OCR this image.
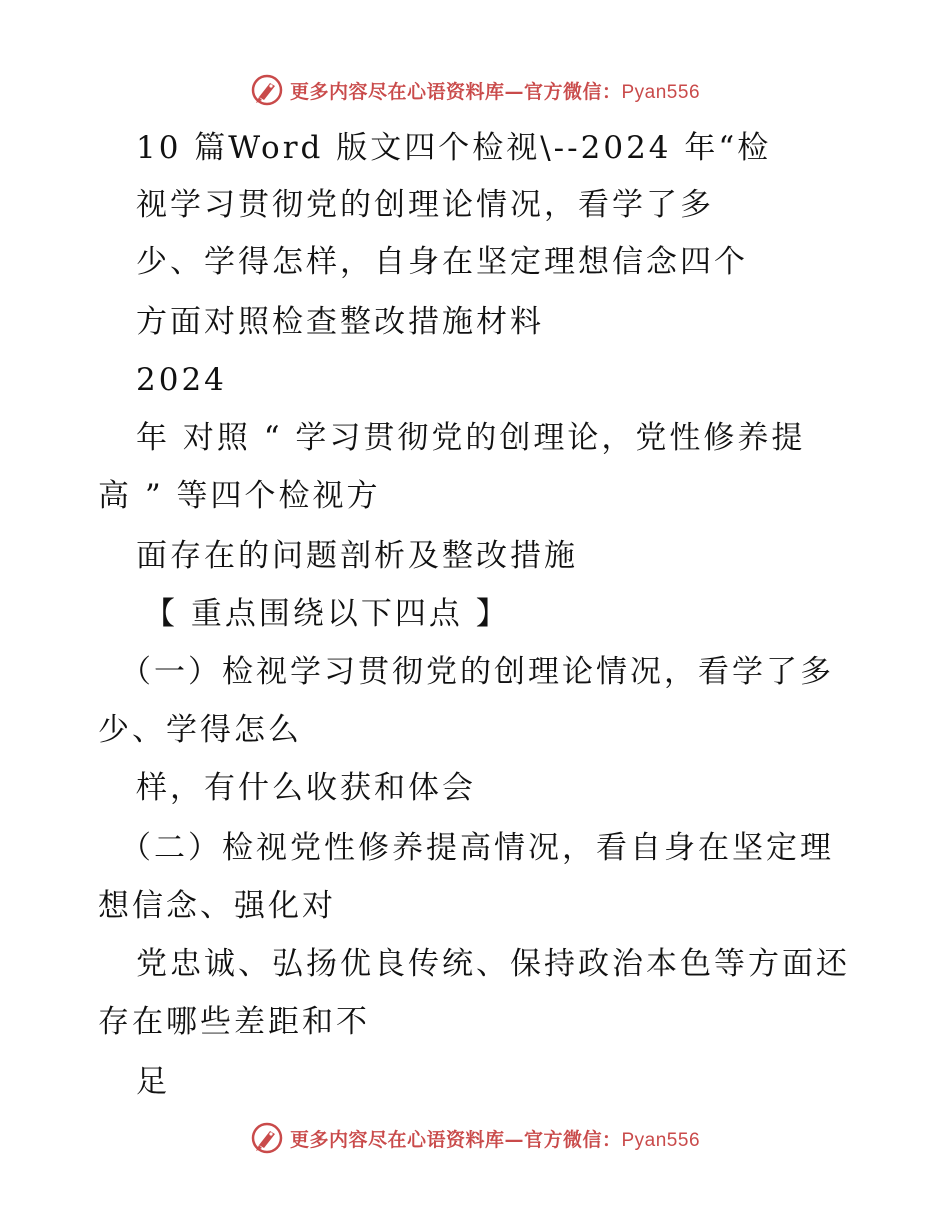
更多内容尽在心语资料库—官方微信：Pyan556
10 篇Word 版文四个检视\--2024 年“检
视学习贯彻党的创理论情况，看学了多
少、学得怎样，自身在坚定理想信念四个
方面对照检查整改措施材料
2024
年 对照 “ 学习贯彻党的创理论，党性修养提
高 ” 等四个检视方
面存在的问题剖析及整改措施
【 重点围绕以下四点 】
（一）检视学习贯彻党的创理论情况，看学了多
少、学得怎么
样，有什么收获和体会
（二）检视党性修养提高情况，看自身在坚定理
想信念、强化对
党忠诚、弘扬优良传统、保持政治本色等方面还
存在哪些差距和不
足
更多内容尽在心语资料库—官方微信：Pyan556
